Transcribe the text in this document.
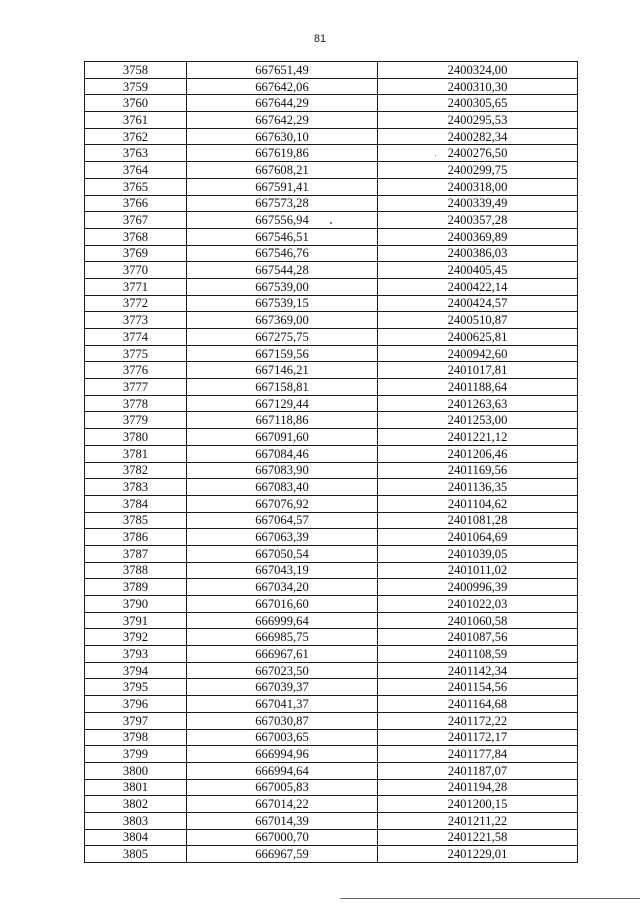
81
3758	667651,49	2400324,00
3759	667642,06	2400310,30
3760	667644,29	2400305,65
3761	667642,29	2400295,53
3762	667630,10	2400282,34
3763	667619,86	2400276,50
3764	667608,21	2400299,75
3765	667591,41	2400318,00
3766	667573,28	2400339,49
3767	667556,94	2400357,28
3768	667546,51	2400369,89
3769	667546,76	2400386,03
3770	667544,28	2400405,45
3771	667539,00	2400422,14
3772	667539,15	2400424,57
3773	667369,00	2400510,87
3774	667275,75	2400625,81
3775	667159,56	2400942,60
3776	667146,21	2401017,81
3777	667158,81	2401188,64
3778	667129,44	2401263,63
3779	667118,86	2401253,00
3780	667091,60	2401221,12
3781	667084,46	2401206,46
3782	667083,90	2401169,56
3783	667083,40	2401136,35
3784	667076,92	2401104,62
3785	667064,57	2401081,28
3786	667063,39	2401064,69
3787	667050,54	2401039,05
3788	667043,19	2401011,02
3789	667034,20	2400996,39
3790	667016,60	2401022,03
3791	666999,64	2401060,58
3792	666985,75	2401087,56
3793	666967,61	2401108,59
3794	667023,50	2401142,34
3795	667039,37	2401154,56
3796	667041,37	2401164,68
3797	667030,87	2401172,22
3798	667003,65	2401172,17
3799	666994,96	2401177,84
3800	666994,64	2401187,07
3801	667005,83	2401194,28
3802	667014,22	2401200,15
3803	667014,39	2401211,22
3804	667000,70	2401221,58
3805	666967,59	2401229,01
